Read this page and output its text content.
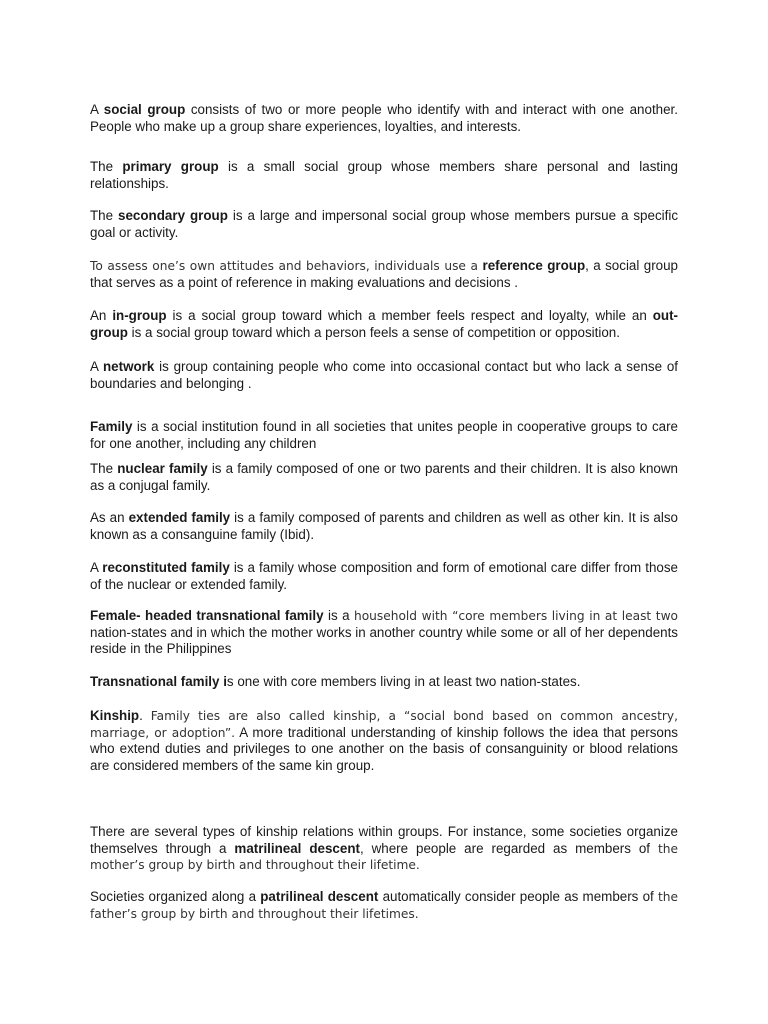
A social group consists of two or more people who identify with and interact with one another. People who make up a group share experiences, loyalties, and interests.

The primary group is a small social group whose members share personal and lasting relationships.

The secondary group is a large and impersonal social group whose members pursue a specific goal or activity.

To assess one’s own attitudes and behaviors, individuals use a reference group, a social group that serves as a point of reference in making evaluations and decisions .

An in-group is a social group toward which a member feels respect and loyalty, while an out-group is a social group toward which a person feels a sense of competition or opposition.

A network is group containing people who come into occasional contact but who lack a sense of boundaries and belonging .

Family is a social institution found in all societies that unites people in cooperative groups to care for one another, including any children

The nuclear family is a family composed of one or two parents and their children. It is also known as a conjugal family.

As an extended family is a family composed of parents and children as well as other kin. It is also known as a consanguine family (Ibid).

A reconstituted family is a family whose composition and form of emotional care differ from those of the nuclear or extended family.

Female- headed transnational family is a household with “core members living in at least two nation-states and in which the mother works in another country while some or all of her dependents reside in the Philippines

Transnational family is one with core members living in at least two nation-states.

Kinship. Family ties are also called kinship, a “social bond based on common ancestry, marriage, or adoption”. A more traditional understanding of kinship follows the idea that persons who extend duties and privileges to one another on the basis of consanguinity or blood relations are considered members of the same kin group.

There are several types of kinship relations within groups. For instance, some societies organize themselves through a matrilineal descent, where people are regarded as members of the mother’s group by birth and throughout their lifetime.

Societies organized along a patrilineal descent automatically consider people as members of the father’s group by birth and throughout their lifetimes.
